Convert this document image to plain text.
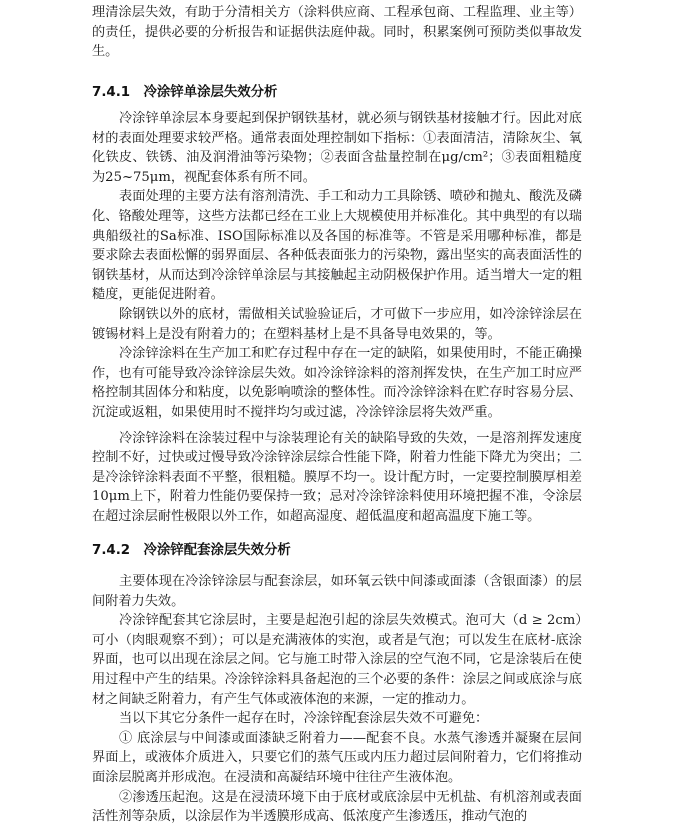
理清涂层失效，有助于分清相关方（涂料供应商、工程承包商、工程监理、业主等）的责任，提供必要的分析报告和证据供法庭仲裁。同时，积累案例可预防类似事故发生。

7.4.1　冷涂锌单涂层失效分析

冷涂锌单涂层本身要起到保护钢铁基材，就必须与钢铁基材接触才行。因此对底材的表面处理要求较严格。通常表面处理控制如下指标：①表面清洁，清除灰尘、氧化铁皮、铁锈、油及润滑油等污染物；②表面含盐量控制在μg/cm²；③表面粗糙度为25~75μm，视配套体系有所不同。

表面处理的主要方法有溶剂清洗、手工和动力工具除锈、喷砂和抛丸、酸洗及磷化、铬酸处理等，这些方法都已经在工业上大规模使用并标准化。其中典型的有以瑞典船级社的Sa标准、ISO国际标准以及各国的标准等。不管是采用哪种标准，都是要求除去表面松懈的弱界面层、各种低表面张力的污染物，露出坚实的高表面活性的钢铁基材，从而达到冷涂锌单涂层与其接触起主动阴极保护作用。适当增大一定的粗糙度，更能促进附着。

除钢铁以外的底材，需做相关试验验证后，才可做下一步应用，如冷涂锌涂层在镀锡材料上是没有附着力的；在塑料基材上是不具备导电效果的，等。

冷涂锌涂料在生产加工和贮存过程中存在一定的缺陷，如果使用时，不能正确操作，也有可能导致冷涂锌涂层失效。如冷涂锌涂料的溶剂挥发快，在生产加工时应严格控制其固体分和粘度，以免影响喷涂的整体性。而冷涂锌涂料在贮存时容易分层、沉淀或返粗，如果使用时不搅拌均匀或过滤，冷涂锌涂层将失效严重。

冷涂锌涂料在涂装过程中与涂装理论有关的缺陷导致的失效，一是溶剂挥发速度控制不好，过快或过慢导致冷涂锌涂层综合性能下降，附着力性能下降尤为突出；二是冷涂锌涂料表面不平整，很粗糙。膜厚不均一。设计配方时，一定要控制膜厚相差10μm上下，附着力性能仍要保持一致；忌对冷涂锌涂料使用环境把握不准，令涂层在超过涂层耐性极限以外工作，如超高湿度、超低温度和超高温度下施工等。

7.4.2　冷涂锌配套涂层失效分析

主要体现在冷涂锌涂层与配套涂层，如环氧云铁中间漆或面漆（含银面漆）的层间附着力失效。

冷涂锌配套其它涂层时，主要是起泡引起的涂层失效模式。泡可大（d ≥ 2cm）可小（肉眼观察不到）；可以是充满液体的实泡，或者是气泡；可以发生在底材-底涂界面，也可以出现在涂层之间。它与施工时带入涂层的空气泡不同，它是涂装后在使用过程中产生的结果。冷涂锌涂料具备起泡的三个必要的条件：涂层之间或底涂与底材之间缺乏附着力，有产生气体或液体泡的来源，一定的推动力。

当以下其它分条件一起存在时，冷涂锌配套涂层失效不可避免：

① 底涂层与中间漆或面漆缺乏附着力——配套不良。水蒸气渗透并凝聚在层间界面上，或液体介质进入，只要它们的蒸气压或内压力超过层间附着力，它们将推动面涂层脱离并形成泡。在浸渍和高凝结环境中往往产生液体泡。

②渗透压起泡。这是在浸渍环境下由于底材或底涂层中无机盐、有机溶剂或表面活性剂等杂质，以涂层作为半透膜形成高、低浓度产生渗透压，推动气泡的
